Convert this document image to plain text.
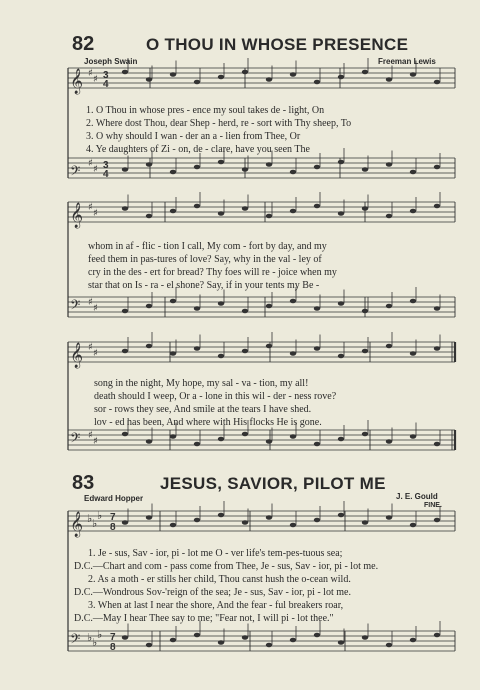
82	O THOU IN WHOSE PRESENCE
Joseph Swain	Freeman Lewis
𝄞
𝄢
𝄞
𝄢
𝄞
𝄢
𝄞
𝄢
♯
♯
♯
♯
♯
♯
♯
♯
♯
♯
♯
♯
♭ ♭
♭
♭ ♭
♭
3
4
3
4
7
8
7
8
1. O Thou in whose pres - ence my soul takes de - light, On
2. Where dost Thou, dear Shep - herd, re - sort with Thy sheep, To
3. O why should I wan - der an a - lien from Thee, Or
4. Ye daughters of Zi - on, de - clare, have you seen The
whom in af - flic - tion I call, My com - fort by day, and my
feed them in pas-tures of love? Say, why in the val - ley of
cry in the des - ert for bread? Thy foes will re - joice when my
star that on Is - ra - el shone? Say, if in your tents my Be -
song in the night, My hope, my sal - va - tion, my all!
death should I weep, Or a - lone in this wil - der - ness rove?
sor - rows they see, And smile at the tears I have shed.
lov - ed has been, And where with His flocks He is gone.
83	JESUS, SAVIOR, PILOT ME
Edward Hopper	J. E. Gould
FINE.
1. Je - sus, Sav - ior, pi - lot me O - ver life's tem-pes-tuous sea;
D.C.—Chart and com - pass come from Thee, Je - sus, Sav - ior, pi - lot me.
2. As a moth - er stills her child, Thou canst hush the o-cean wild.
D.C.—Wondrous Sov-'reign of the sea; Je - sus, Sav - ior, pi - lot me.
3. When at last I near the shore, And the fear - ful breakers roar,
D.C.—May I hear Thee say to me; "Fear not, I will pi - lot thee."
